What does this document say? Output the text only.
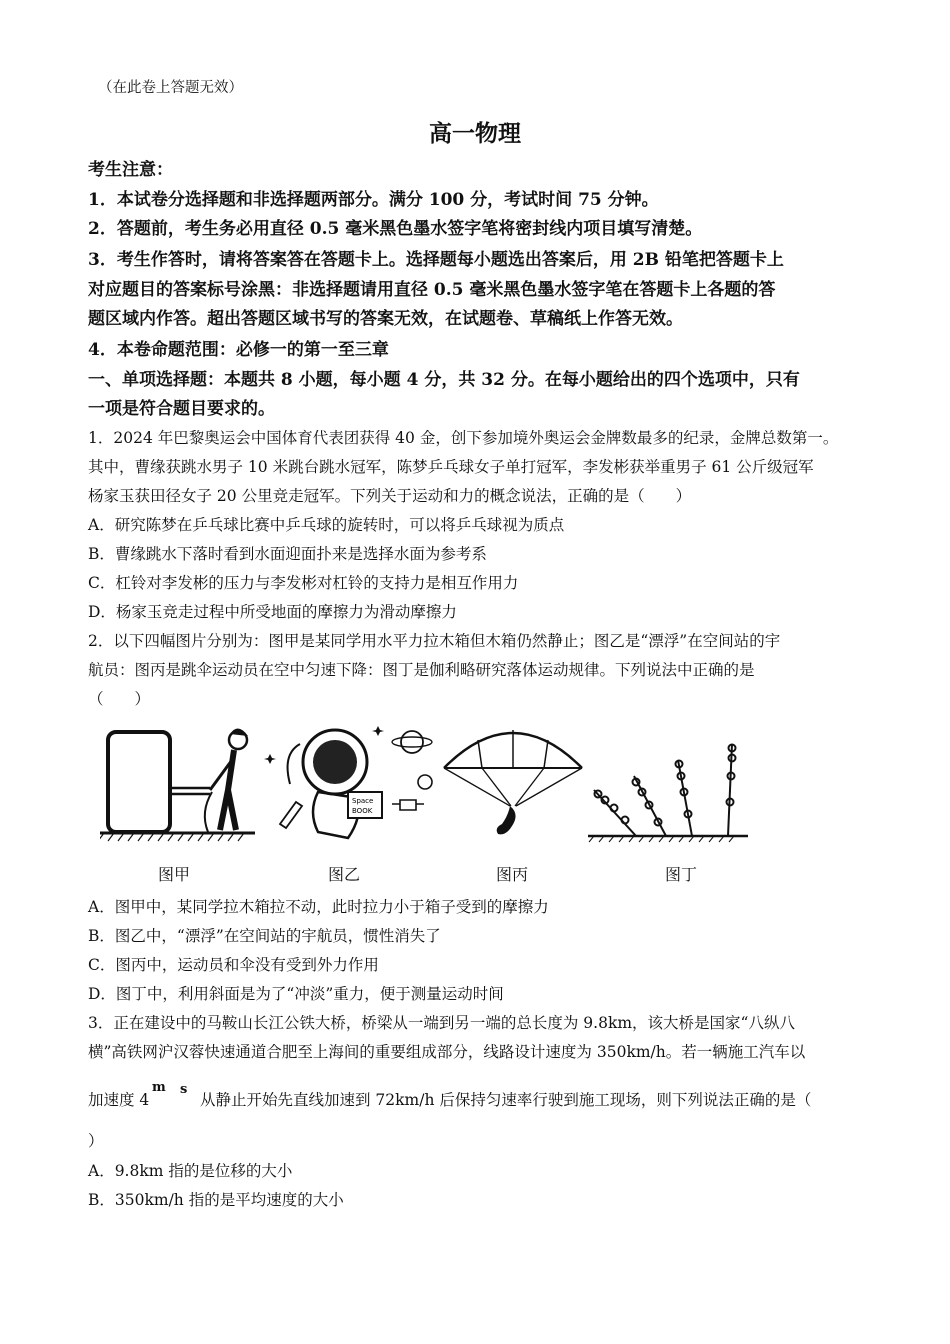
（在此卷上答题无效）
高一物理
考生注意：
1．本试卷分选择题和非选择题两部分。满分 100 分，考试时间 75 分钟。
2．答题前，考生务必用直径 0.5 毫米黑色墨水签字笔将密封线内项目填写清楚。
3．考生作答时，请将答案答在答题卡上。选择题每小题选出答案后，用 2B 铅笔把答题卡上
对应题目的答案标号涂黑：非选择题请用直径 0.5 毫米黑色墨水签字笔在答题卡上各题的答
题区域内作答。超出答题区域书写的答案无效，在试题卷、草稿纸上作答无效。
4．本卷命题范围：必修一的第一至三章
一、单项选择题：本题共 8 小题，每小题 4 分，共 32 分。在每小题给出的四个选项中，只有
一项是符合题目要求的。
1．2024 年巴黎奥运会中国体育代表团获得 40 金，创下参加境外奥运会金牌数最多的纪录，金牌总数第一。
其中，曹缘获跳水男子 10 米跳台跳水冠军，陈梦乒乓球女子单打冠军，李发彬获举重男子 61 公斤级冠军
杨家玉获田径女子 20 公里竞走冠军。下列关于运动和力的概念说法，正确的是（　　）
A．研究陈梦在乒乓球比赛中乒乓球的旋转时，可以将乒乓球视为质点
B．曹缘跳水下落时看到水面迎面扑来是选择水面为参考系
C．杠铃对李发彬的压力与李发彬对杠铃的支持力是相互作用力
D．杨家玉竞走过程中所受地面的摩擦力为滑动摩擦力
2．以下四幅图片分别为：图甲是某同学用水平力拉木箱但木箱仍然静止；图乙是“漂浮”在空间站的宇
航员：图丙是跳伞运动员在空中匀速下降：图丁是伽利略研究落体运动规律。下列说法中正确的是
（　　）
Space
BOOK
图甲	图乙	图丙	图丁
A．图甲中，某同学拉木箱拉不动，此时拉力小于箱子受到的摩擦力
B．图乙中，“漂浮”在空间站的宇航员，惯性消失了
C．图丙中，运动员和伞没有受到外力作用
D．图丁中，利用斜面是为了“冲淡”重力，便于测量运动时间
3．正在建设中的马鞍山长江公铁大桥，桥梁从一端到另一端的总长度为 9.8km，该大桥是国家“八纵八
横”高铁网沪汉蓉快速通道合肥至上海间的重要组成部分，线路设计速度为 350km/h。若一辆施工汽车以
加速度 4
m s
从静止开始先直线加速到 72km/h 后保持匀速率行驶到施工现场，则下列说法正确的是（
）
A．9.8km 指的是位移的大小
B．350km/h 指的是平均速度的大小
